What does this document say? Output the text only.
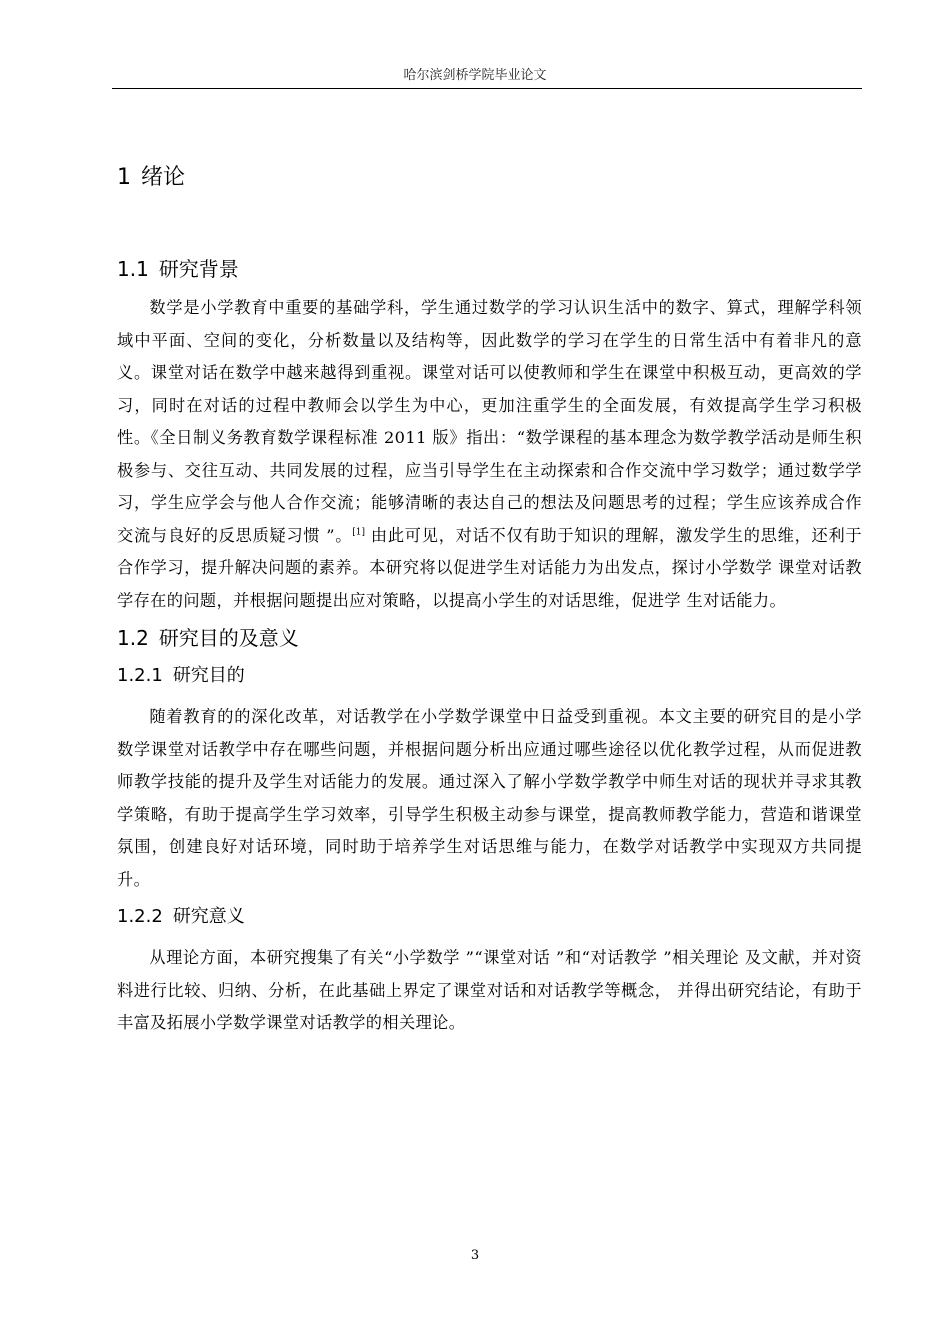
哈尔滨剑桥学院毕业论文
1 绪论
1.1 研究背景

数学是小学教育中重要的基础学科，学生通过数学的学习认识生活中的数字、算式，理解学科领域中平面、空间的变化，分析数量以及结构等，因此数学的学习在学生的日常生活中有着非凡的意义。课堂对话在数学中越来越得到重视。课堂对话可以使教师和学生在课堂中积极互动，更高效的学习，同时在对话的过程中教师会以学生为中心，更加注重学生的全面发展，有效提高学生学习积极性。《全日制义务教育数学课程标准 2011 版》指出：“数学课程的基本理念为数学教学活动是师生积极参与、交往互动、共同发展的过程，应当引导学生在主动探索和合作交流中学习数学；通过数学学习，学生应学会与他人合作交流；能够清晰的表达自己的想法及问题思考的过程；学生应该养成合作交流与良好的反思质疑习惯 ”。[1] 由此可见，对话不仅有助于知识的理解，激发学生的思维，还利于 合作学习，提升解决问题的素养。本研究将以促进学生对话能力为出发点，探讨小学数学 课堂对话教学存在的问题，并根据问题提出应对策略，以提高小学生的对话思维，促进学 生对话能力。

1.2 研究目的及意义
1.2.1 研究目的

随着教育的的深化改革，对话教学在小学数学课堂中日益受到重视。本文主要的研究目的是小学数学课堂对话教学中存在哪些问题，并根据问题分析出应通过哪些途径以优化教学过程，从而促进教师教学技能的提升及学生对话能力的发展。通过深入了解小学数学教学中师生对话的现状并寻求其教学策略，有助于提高学生学习效率，引导学生积极主动参与课堂，提高教师教学能力，营造和谐课堂氛围，创建良好对话环境，同时助于培养学生对话思维与能力，在数学对话教学中实现双方共同提升。

1.2.2 研究意义

从理论方面，本研究搜集了有关“小学数学 ”“课堂对话 ”和“对话教学 ”相关理论 及文献，并对资料进行比较、归纳、分析，在此基础上界定了课堂对话和对话教学等概念， 并得出研究结论，有助于丰富及拓展小学数学课堂对话教学的相关理论。

3
